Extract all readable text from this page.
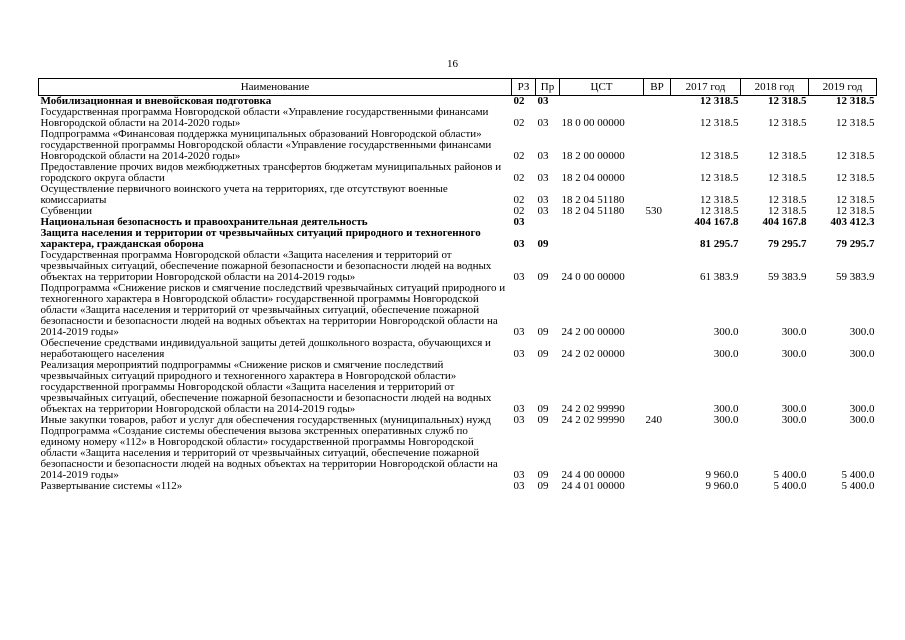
16
Наименование	РЗ	Пр	ЦСТ	ВР	2017 год	2018 год	2019 год
Мобилизационная и вневойсковая подготовка	02	03			12 318.5	12 318.5	12 318.5
Государственная программа Новгородской области «Управление государственными финансами Новгородской области на 2014-2020 годы»	02	03	18 0 00 00000		12 318.5	12 318.5	12 318.5
Подпрограмма «Финансовая поддержка муниципальных образований Новгородской области» государственной программы Новгородской области «Управление государственными финансами Новгородской области на 2014-2020 годы»	02	03	18 2 00 00000		12 318.5	12 318.5	12 318.5
Предоставление прочих видов межбюджетных трансфертов бюджетам муниципальных районов и городского округа области	02	03	18 2 04 00000		12 318.5	12 318.5	12 318.5
Осуществление первичного воинского учета на территориях, где отсутствуют военные комиссариаты	02	03	18 2 04 51180		12 318.5	12 318.5	12 318.5
Субвенции	02	03	18 2 04 51180	530	12 318.5	12 318.5	12 318.5
Национальная безопасность и правоохранительная деятельность	03				404 167.8	404 167.8	403 412.3
Защита населения и территории от чрезвычайных ситуаций природного и техногенного характера, гражданская оборона	03	09			81 295.7	79 295.7	79 295.7
Государственная программа Новгородской области «Защита населения и территорий от чрезвычайных ситуаций, обеспечение пожарной безопасности и безопасности людей на водных объектах на территории Новгородской области на 2014-2019 годы»	03	09	24 0 00 00000		61 383.9	59 383.9	59 383.9
Подпрограмма «Снижение рисков и смягчение последствий чрезвычайных ситуаций природного и техногенного характера в Новгородской области» государственной программы Новгородской области «Защита населения и территорий от чрезвычайных ситуаций, обеспечение пожарной безопасности и безопасности людей на водных объектах на территории Новгородской области на 2014-2019 годы»	03	09	24 2 00 00000		300.0	300.0	300.0
Обеспечение средствами индивидуальной защиты детей дошкольного возраста, обучающихся и неработающего населения	03	09	24 2 02 00000		300.0	300.0	300.0
Реализация мероприятий подпрограммы «Снижение рисков и смягчение последствий чрезвычайных ситуаций природного и техногенного характера в Новгородской области» государственной программы Новгородской области «Защита населения и территорий от чрезвычайных ситуаций, обеспечение пожарной безопасности и безопасности людей на водных объектах на территории Новгородской области на 2014-2019 годы»	03	09	24 2 02 99990		300.0	300.0	300.0
Иные закупки товаров, работ и услуг для обеспечения государственных (муниципальных) нужд	03	09	24 2 02 99990	240	300.0	300.0	300.0
Подпрограмма «Создание системы обеспечения вызова экстренных оперативных служб по единому номеру «112» в Новгородской области» государственной программы Новгородской области «Защита населения и территорий от чрезвычайных ситуаций, обеспечение пожарной безопасности и безопасности людей на водных объектах на территории Новгородской области на 2014-2019 годы»	03	09	24 4 00 00000		9 960.0	5 400.0	5 400.0
Развертывание системы «112»	03	09	24 4 01 00000		9 960.0	5 400.0	5 400.0
